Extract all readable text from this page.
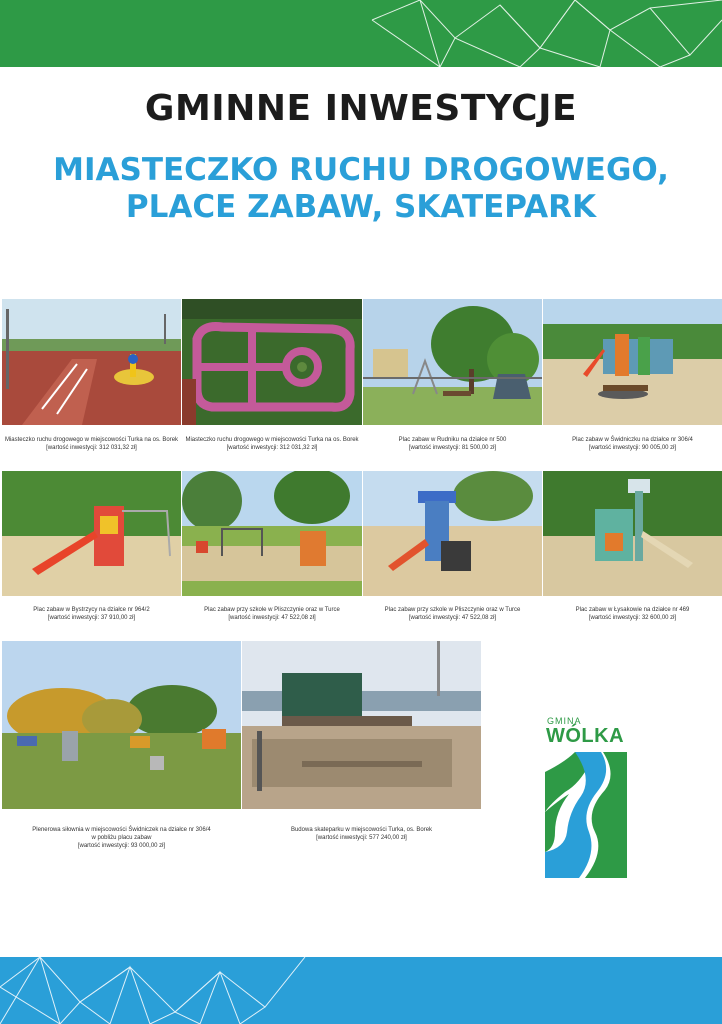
GMINNE INWESTYCJE
MIASTECZKO RUCHU DROGOWEGO,
PLACE ZABAW, SKATEPARK
Miasteczko ruchu drogowego w miejscowości Turka na os. Borek
[wartość inwestycji: 312 031,32 zł]
Miasteczko ruchu drogowego w miejscowości Turka na os. Borek
[wartość inwestycji: 312 031,32 zł]
Plac zabaw w Rudniku na działce nr 500
[wartość inwestycji: 81 500,00 zł]
Plac zabaw w Świdniczku na działce nr 306/4
[wartość inwestycji: 90 005,00 zł]
Plac zabaw w Bystrzycy na działce nr 964/2
[wartość inwestycji: 37 910,00 zł]
Plac zabaw przy szkole w Pliszczynie oraz w Turce
[wartość inwestycji: 47 522,08 zł]
Plac zabaw przy szkole w Pliszczynie oraz w Turce
[wartość inwestycji: 47 522,08 zł]
Plac zabaw w Łysakowie na działce nr 469
[wartość inwestycji: 32 600,00 zł]
Plenerowa siłownia w miejscowości Świdniczek na działce nr 306/4
w pobliżu placu zabaw
[wartość inwestycji: 93 000,00 zł]
Budowa skateparku w miejscowości Turka, os. Borek
[wartość inwestycji: 577 240,00 zł]
GMINA
WÓLKA
